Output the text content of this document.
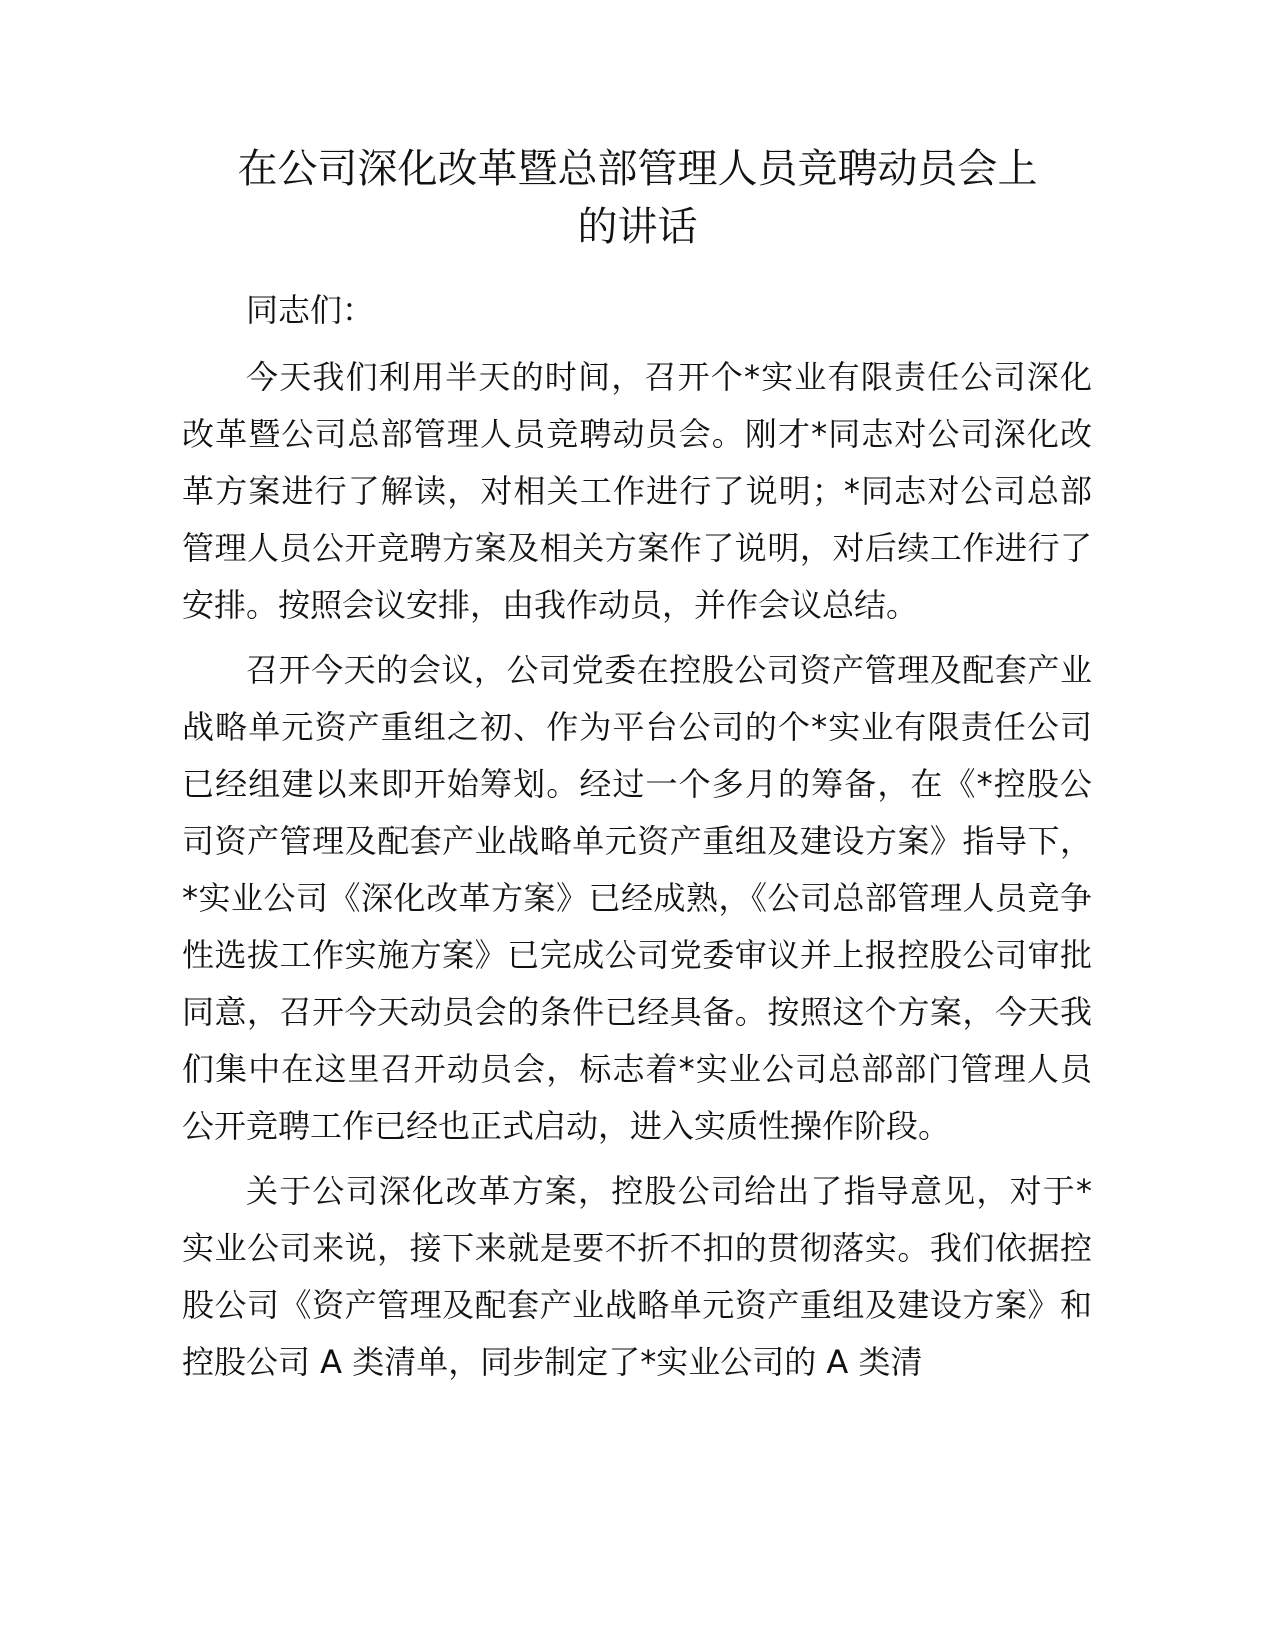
在公司深化改革暨总部管理人员竞聘动员会上
的讲话

同志们：

今天我们利用半天的时间，召开个*实业有限责任公司深化改革暨公司总部管理人员竞聘动员会。刚才*同志对公司深化改革方案进行了解读，对相关工作进行了说明；*同志对公司总部管理人员公开竞聘方案及相关方案作了说明，对后续工作进行了安排。按照会议安排，由我作动员，并作会议总结。

召开今天的会议，公司党委在控股公司资产管理及配套产业战略单元资产重组之初、作为平台公司的个*实业有限责任公司已经组建以来即开始筹划。经过一个多月的筹备，在《*控股公司资产管理及配套产业战略单元资产重组及建设方案》指导下，*实业公司《深化改革方案》已经成熟，《公司总部管理人员竞争性选拔工作实施方案》已完成公司党委审议并上报控股公司审批同意，召开今天动员会的条件已经具备。按照这个方案，今天我们集中在这里召开动员会，标志着*实业公司总部部门管理人员公开竞聘工作已经也正式启动，进入实质性操作阶段。

关于公司深化改革方案，控股公司给出了指导意见，对于*实业公司来说，接下来就是要不折不扣的贯彻落实。我们依据控股公司《资产管理及配套产业战略单元资产重组及建设方案》和控股公司 A 类清单，同步制定了*实业公司的 A 类清
